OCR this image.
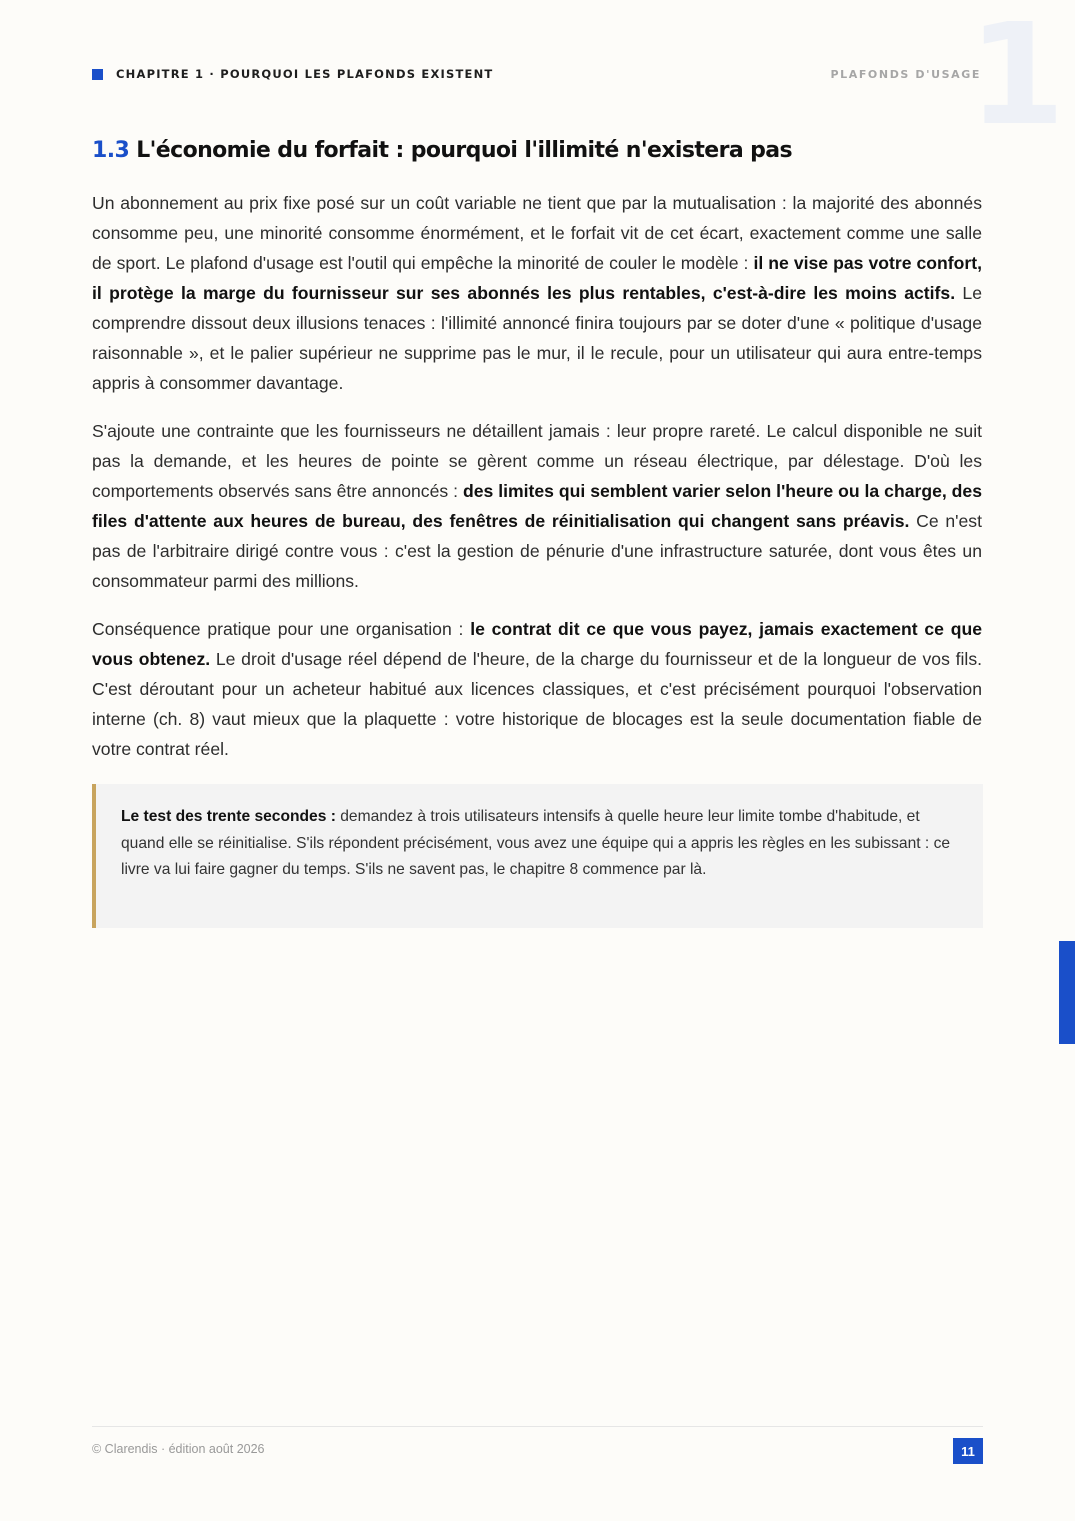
1
CHAPITRE 1 · POURQUOI LES PLAFONDS EXISTENT	PLAFONDS D'USAGE
1.3 L'économie du forfait : pourquoi l'illimité n'existera pas

Un abonnement au prix fixe posé sur un coût variable ne tient que par la mutualisation : la majorité des abonnés consomme peu, une minorité consomme énormément, et le forfait vit de cet écart, exactement comme une salle de sport. Le plafond d'usage est l'outil qui empêche la minorité de couler le modèle : il ne vise pas votre confort, il protège la marge du fournisseur sur ses abonnés les plus rentables, c'est-à-dire les moins actifs. Le comprendre dissout deux illusions tenaces : l'illimité annoncé finira toujours par se doter d'une « politique d'usage raisonnable », et le palier supérieur ne supprime pas le mur, il le recule, pour un utilisateur qui aura entre-temps appris à consommer davantage.

S'ajoute une contrainte que les fournisseurs ne détaillent jamais : leur propre rareté. Le calcul disponible ne suit pas la demande, et les heures de pointe se gèrent comme un réseau électrique, par délestage. D'où les comportements observés sans être annoncés : des limites qui semblent varier selon l'heure ou la charge, des files d'attente aux heures de bureau, des fenêtres de réinitialisation qui changent sans préavis. Ce n'est pas de l'arbitraire dirigé contre vous : c'est la gestion de pénurie d'une infrastructure saturée, dont vous êtes un consommateur parmi des millions.

Conséquence pratique pour une organisation : le contrat dit ce que vous payez, jamais exactement ce que vous obtenez. Le droit d'usage réel dépend de l'heure, de la charge du fournisseur et de la longueur de vos fils. C'est déroutant pour un acheteur habitué aux licences classiques, et c'est précisément pourquoi l'observation interne (ch. 8) vaut mieux que la plaquette : votre historique de blocages est la seule documentation fiable de votre contrat réel.

Le test des trente secondes : demandez à trois utilisateurs intensifs à quelle heure leur limite tombe d'habitude, et quand elle se réinitialise. S'ils répondent précisément, vous avez une équipe qui a appris les règles en les subissant : ce livre va lui faire gagner du temps. S'ils ne savent pas, le chapitre 8 commence par là.
© Clarendis · édition août 2026	11
